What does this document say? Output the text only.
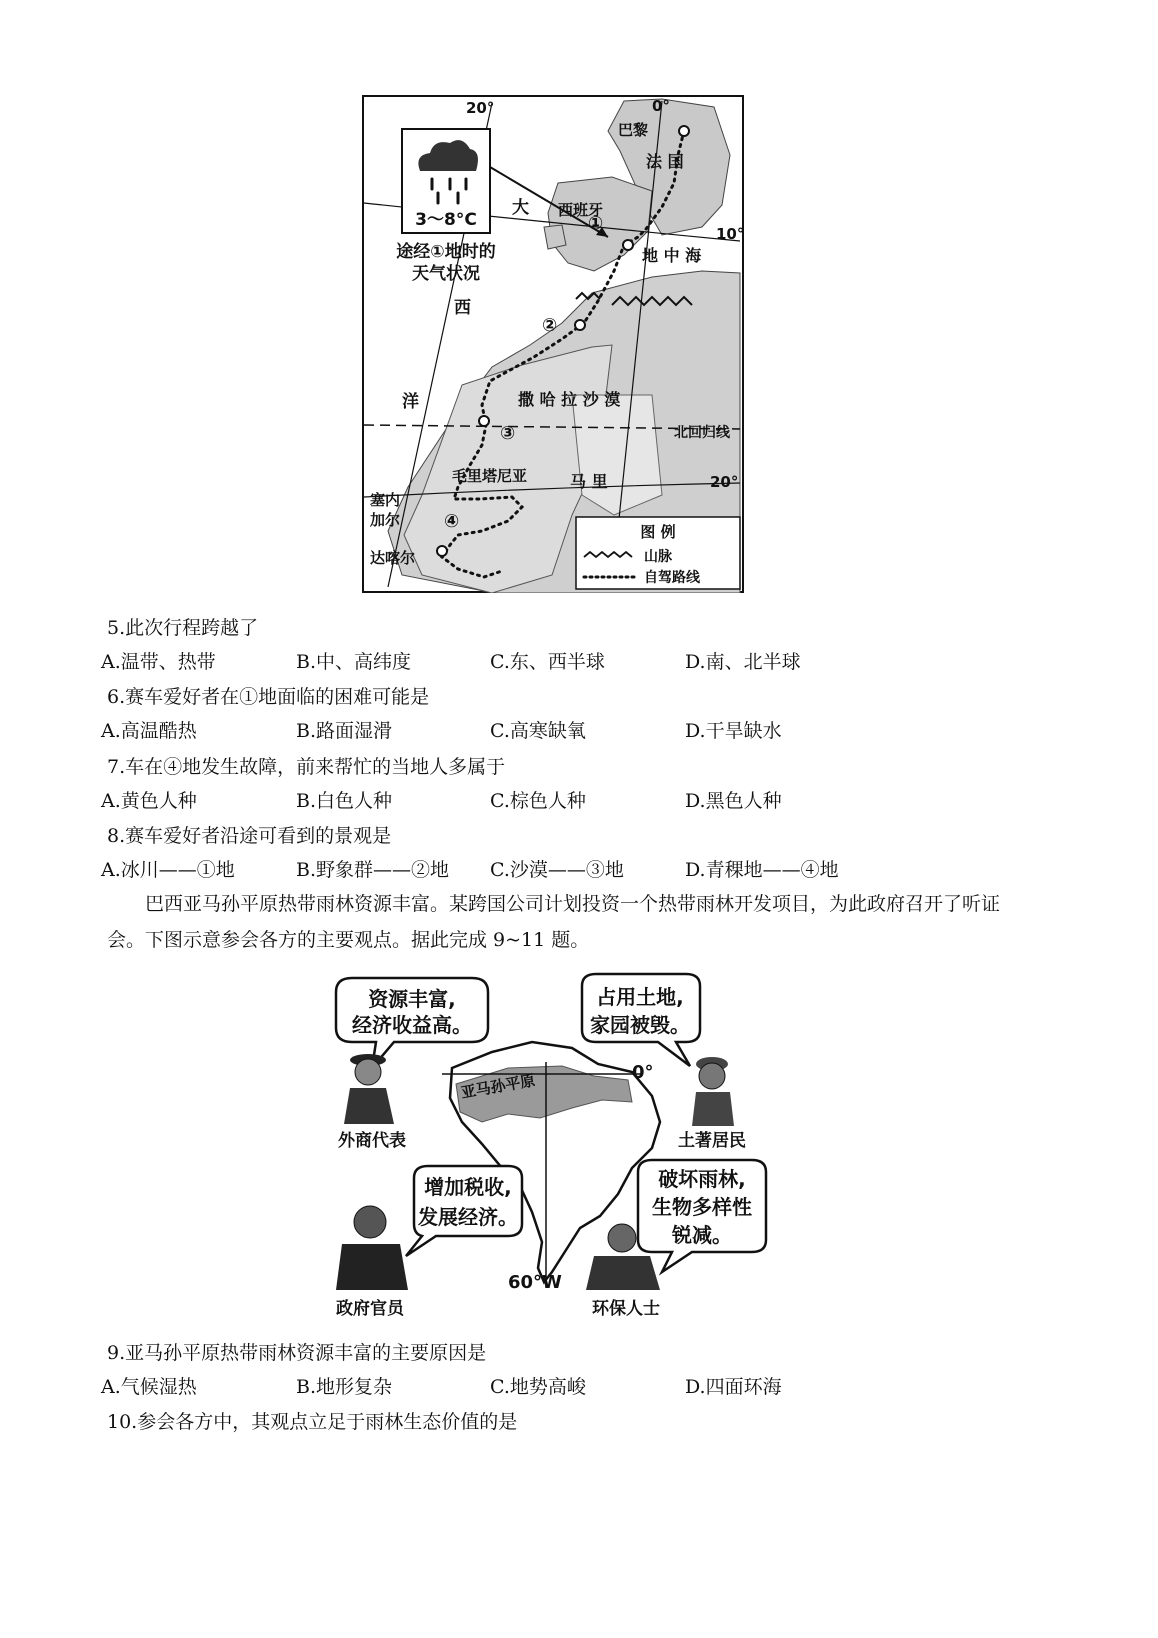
3～8°C
途经①地时的
天气状况
20°	0°
10°
20°
北回归线
巴黎
法 国
西班牙
地 中 海
大
西
洋	撒 哈 拉 沙 漠
毛里塔尼亚
塞内
加尔
达喀尔
马 里
①
②
③
④	图 例
山脉
自驾路线
5.此次行程跨越了
A.温带、热带	B.中、高纬度	C.东、西半球	D.南、北半球
6.赛车爱好者在①地面临的困难可能是
A.高温酷热	B.路面湿滑	C.高寒缺氧	D.干旱缺水
7.车在④地发生故障，前来帮忙的当地人多属于
A.黄色人种	B.白色人种	C.棕色人种	D.黑色人种
8.赛车爱好者沿途可看到的景观是
A.冰川——①地	B.野象群——②地 C.沙漠——③地	D.青稞地——④地
巴西亚马孙平原热带雨林资源丰富。某跨国公司计划投资一个热带雨林开发项目，为此政府召开了听证会。下图示意参会各方的主要观点。据此完成 9~11 题。
0°
亚马孙平原
60°W
资源丰富,
经济收益高。
占用土地,
家园被毁。
增加税收,
发展经济。
破坏雨林,
生物多样性
锐减。
外商代表	土著居民
政府官员	环保人士
9.亚马孙平原热带雨林资源丰富的主要原因是
A.气候湿热	B.地形复杂	C.地势高峻	D.四面环海
10.参会各方中，其观点立足于雨林生态价值的是
